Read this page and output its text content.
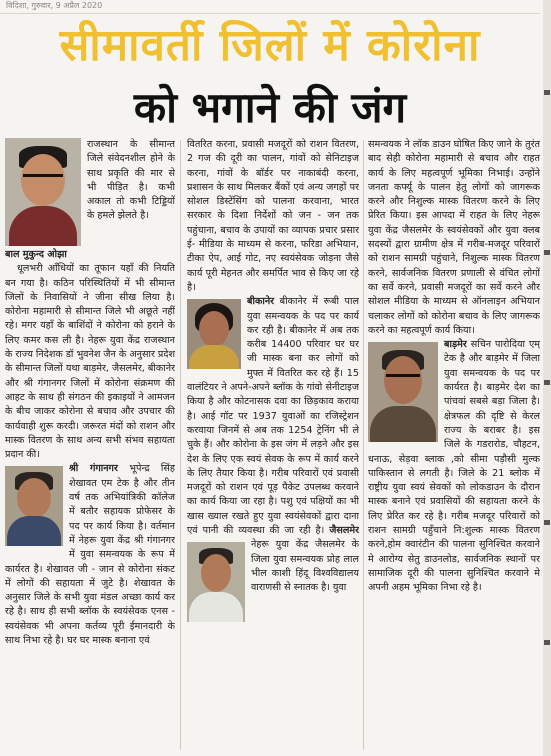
विदिशा, गुरुवार, 9 अप्रैल 2020
सीमावर्ती जिलों में कोरोना
को भगाने की जंग
राजस्थान के सीमान्त जिले संवेदनशील होने के साथ प्रकृति की मार से भी पीड़ित है। कभी अकाल तो कभी टिड्डियों के हमले झेलते है।
बाल मुकुन्द ओझा

धूलभरी आँधियों का तूफान यहाँ की नियति बन गया है। कठिन परिस्थितियों में भी सीमान्त जिलों के निवासियों ने जीना सीख लिया है। कोरोना महामारी से सीमान्त जिले भी अछूते नहीं रहे। मगर यहाँ के बाशिंदों ने कोरोना को हराने के लिए कमर कस ली है। नेहरू युवा केंद्र राजस्थान के राज्य निदेशक डॉ भुवनेश जैन के अनुसार प्रदेश के सीमान्त जिलों यथा बाड़मेर, जैसलमेर, बीकानेर और श्री गंगानगर जिलों में कोरोना संक्रमण की आहट के साथ ही संगठन की इकाइयों ने आमजन के बीच जाकर कोरोना से बचाव और उपचार की कार्यवाही शुरू करदी। जरूरत मंदों को राशन और मास्क वितरण के साथ अन्य सभी संभव सहायता प्रदान की।

श्री गंगानगर भूपेन्द्र सिंह शेखावत एम टेक है और तीन वर्ष तक अभियांत्रिकी कॉलेज में बतौर सहायक प्रोफेसर के पद पर कार्य किया है। वर्तमान में नेहरू युवा केंद्र श्री गंगानगर में युवा समन्वयक के रूप में कार्यरत है। शेखावत जी - जान से कोरोना संकट में लोगों की सहायता में जुटे है। शेखावत के अनुसार जिले के सभी युवा मंडल अच्छा कार्य कर रहे है। साथ ही सभी ब्लॉक के स्वयंसेवक एनस - स्वयंसेवक भी अपना कर्तव्य पूरी ईमानदारी के साथ निभा रहे है। घर घर मास्क बनाना एवं

वितरित करना, प्रवासी मजदूरों को राशन वितरण, 2 गज की दूरी का पालन, गांवों को सेनिटाइज करना, गांवों के बॉर्डर पर नाकाबंदी करना, प्रशासन के साथ मिलकर बैंकों एवं अन्य जगहों पर सोशल डिस्टेंसिंग को पालना करवाना, भारत सरकार के दिशा निर्देशों को जन - जन तक पहुंचाना, बचाव के उपायों का व्यापक प्रचार प्रसार ई- मीडिया के माध्यम से करना, फरिडा अभियान, टीका ऐप, आई गोट, नए स्वयंसेवक जोड़ना जैसे कार्य पूरी मेहनत और समर्पित भाव से किए जा रहे है।

बीकानेर बीकानेर में रूबी पाल युवा समन्वयक के पद पर कार्य कर रही है। बीकानेर में अब तक करीब 14400 परिवार घर घर जी मास्क बना कर लोगों को मुफ्त में वितरित कर रहे हैं। 15 वालंटियर ने अपने-अपने ब्लॉक के गांवो सेनीटाइज किया है और कोटनासक दवा का छिड़काव कराया है। आई गॉट पर 1937 युवाओं का रजिस्ट्रेशन करवाया जिनमें से अब तक 1254 ट्रेनिंग भी ले चुके हैं। और कोरोना के इस जंग में लड़ने और इस देश के लिए एक स्वयं सेवक के रूप में कार्य करने के लिए तैयार किया है। गरीब परिवारों एवं प्रवासी मजदूरों को राशन एवं पूड़ पैकेट उपलब्ध करवाने का कार्य किया जा रहा है। पशु एवं पक्षियों का भी खास ख्याल रखते हुए युवा स्वयंसेवकों द्वारा दाना एवं पानी की व्यवस्था की जा रही है। जैसलमेर नेहरू युवा केंद्र जैसलमेर के जिला युवा समन्वयक प्रोह लाल भील काशी हिंदू विश्वविद्यालय वाराणसी से स्नातक है। युवा

समन्वयक ने लॉक डाउन घोषित किए जाने के तुरंत बाद सेही कोरोना महामारी से बचाव और राहत कार्य के लिए महत्वपूर्ण भूमिका निभाई। उन्होंने जनता कर्फ्यू के पालन हेतु लोगों को जागरूक करने और निशुल्क मास्क वितरण करने के लिए प्रेरित किया। इस आपदा में राहत के लिए नेहरू युवा केंद्र जैसलमेर के स्वयंसेवकों और युवा क्लब सदस्यों द्वारा ग्रामीण क्षेत्र में गरीब-मजदूर परिवारों को राशन सामग्री पहुंचाने, निशुल्क मास्क वितरण करने, सार्वजनिक वितरण प्रणाली से वंचित लोगों का सर्वे करने, प्रवासी मजदूरों का सर्वे करने और सोशल मीडिया के माध्यम से ऑनलाइन अभियान चलाकर लोगों को कोरोना बचाव के लिए जागरूक करने का महत्वपूर्ण कार्य किया।

बाड़मेर सचिन पारोदिया एम् टेक है और बाड़मेर में जिला युवा समन्वयक के पद पर कार्यरत है। बाड़मेर देश का पांचवां सबसे बड़ा जिला है। क्षेत्रफल की दृष्टि से केरल राज्य के बराबर है। इस जिले के गडरारोड, चौहटन, धनाऊ, सेड़वा ब्लाक ,को सीमा पड़ौसी मुल्क पाकिस्तान से लगती है। जिले के 21 ब्लोक में राष्ट्रीय युवा स्वयं सेवकों को लोकडाउन के दौरान मास्क बनाने एवं प्रवासियों की सहायता करने के लिए प्रेरित कर रहे है। गरीब मजदूर परिवारों को राशन सामग्री पहुँचाने नि:शुल्क मास्क वितरण करने,होम क्वारंटीन की पालना सुनिश्चित करवाने मे आरोग्य सेतु डाउनलोड, सार्वजनिक स्थानों पर सामाजिक दूरी की पालना सुनिश्चित करवाने मे अपनी अहम भूमिका निभा रहे है।
